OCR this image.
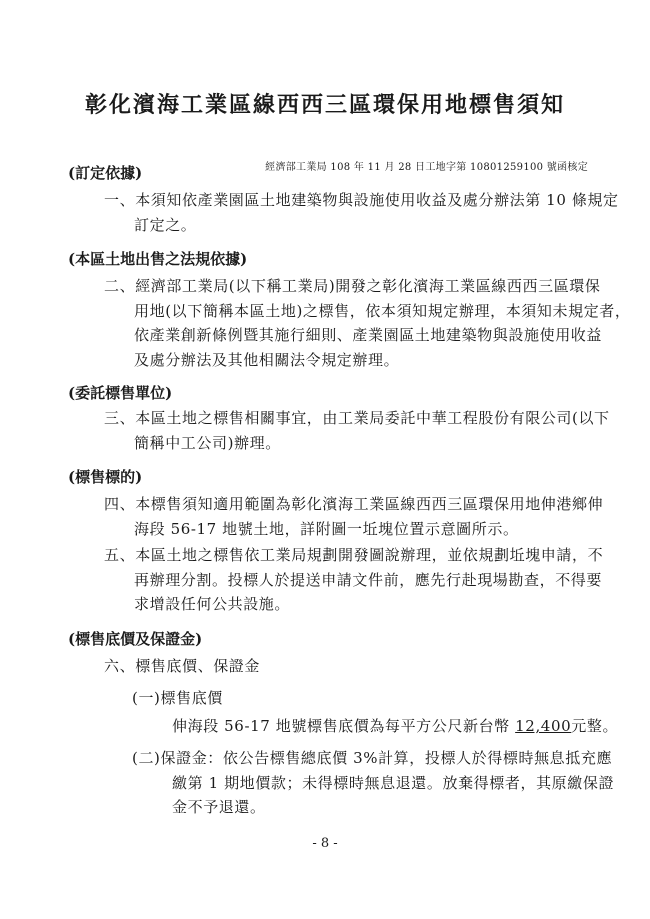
彰化濱海工業區線西西三區環保用地標售須知
經濟部工業局 108 年 11 月 28 日工地字第 10801259100 號函核定
(訂定依據)
一、本須知依產業園區土地建築物與設施使用收益及處分辦法第 10 條規定
訂定之。
(本區土地出售之法規依據)
二、經濟部工業局(以下稱工業局)開發之彰化濱海工業區線西西三區環保
用地(以下簡稱本區土地)之標售，依本須知規定辦理，本須知未規定者，
依產業創新條例暨其施行細則、產業園區土地建築物與設施使用收益
及處分辦法及其他相關法令規定辦理。
(委託標售單位)
三、本區土地之標售相關事宜，由工業局委託中華工程股份有限公司(以下
簡稱中工公司)辦理。
(標售標的)
四、本標售須知適用範圍為彰化濱海工業區線西西三區環保用地伸港鄉伸
海段 56-17 地號土地，詳附圖一坵塊位置示意圖所示。
五、本區土地之標售依工業局規劃開發圖說辦理，並依規劃坵塊申請，不
再辦理分割。投標人於提送申請文件前，應先行赴現場勘查，不得要
求增設任何公共設施。
(標售底價及保證金)
六、標售底價、保證金
(一)標售底價
伸海段 56-17 地號標售底價為每平方公尺新台幣 12,400元整。
(二)保證金：依公告標售總底價 3%計算，投標人於得標時無息抵充應
繳第 1 期地價款；未得標時無息退還。放棄得標者，其原繳保證
金不予退還。
- 8 -
